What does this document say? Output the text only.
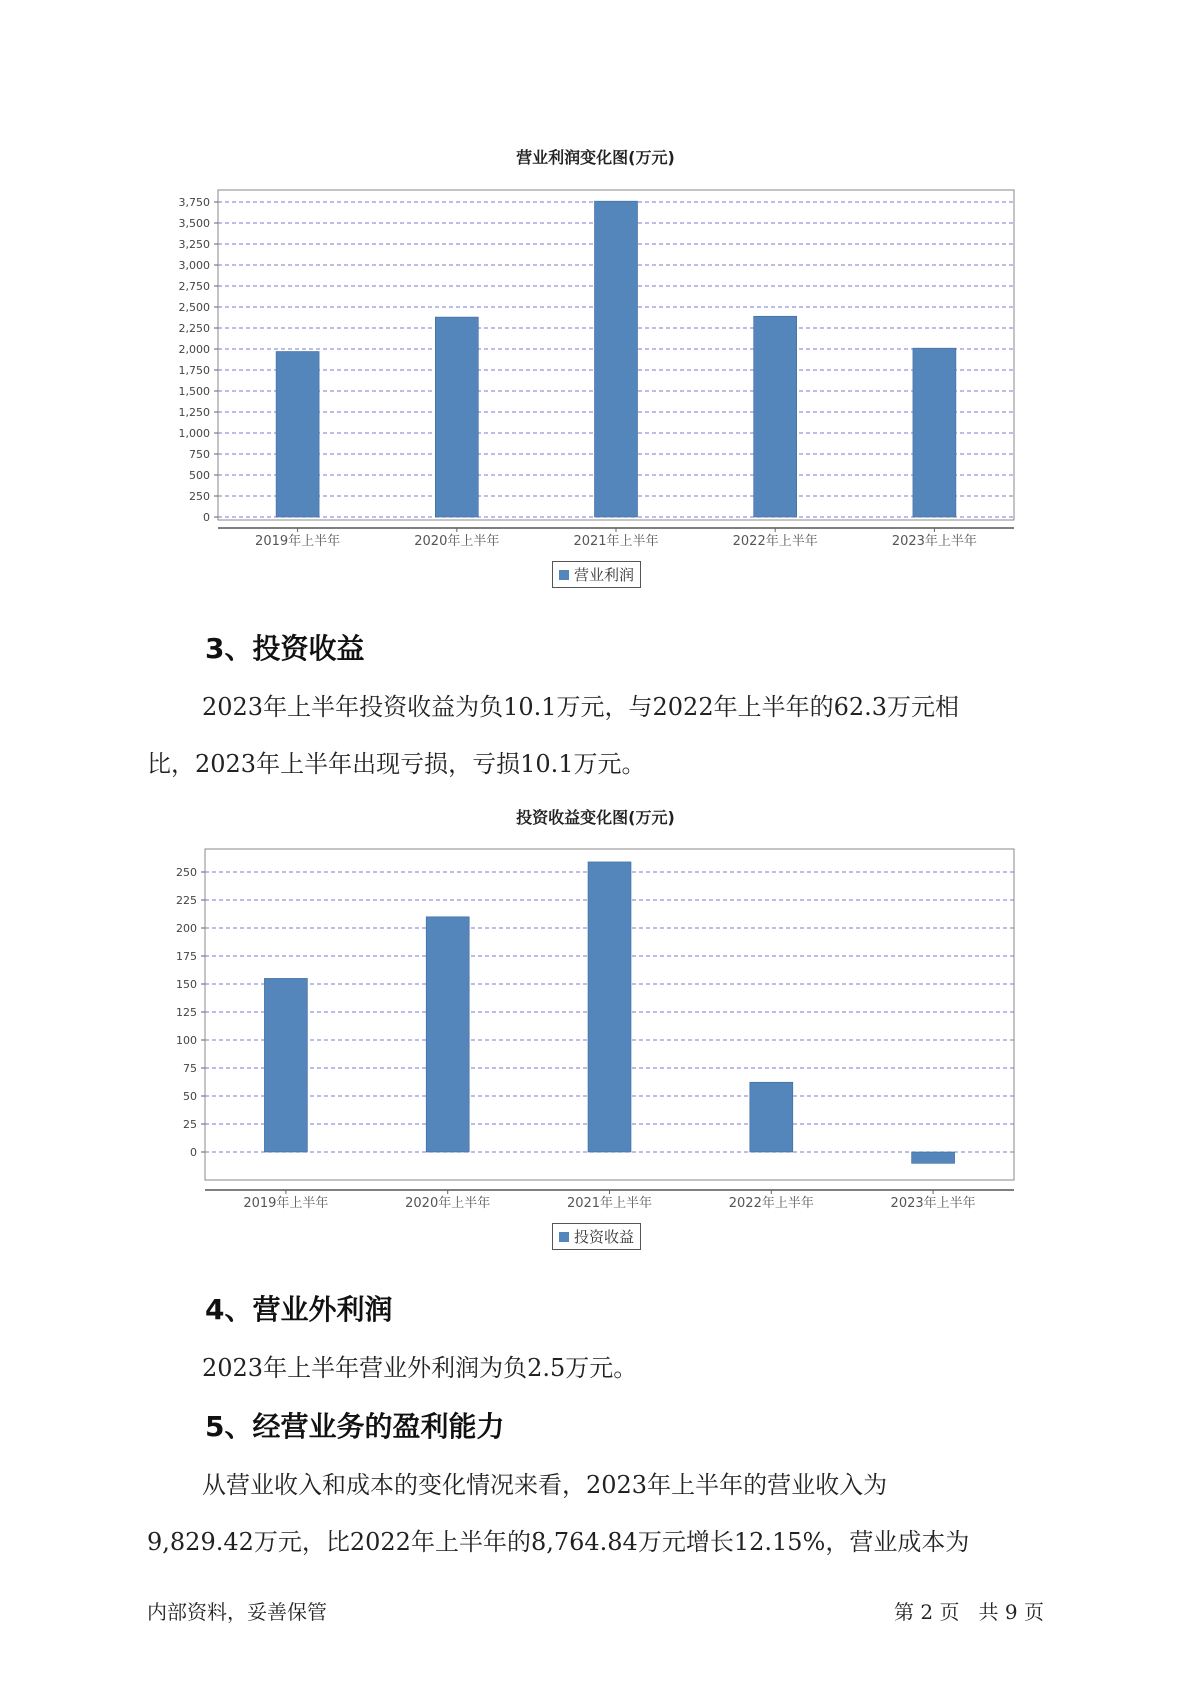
营业利润变化图(万元)
0
250
500
750
1,000
1,250
1,500
1,750
2,000
2,250
2,500
2,750
3,000
3,250
3,500
3,750
2019年上半年	2020年上半年	2021年上半年	2022年上半年	2023年上半年
营业利润
3、投资收益
2023年上半年投资收益为负10.1万元，与2022年上半年的62.3万元相
比，2023年上半年出现亏损，亏损10.1万元。
投资收益变化图(万元)
0
25
50
75
100
125
150
175
200
225
250
2019年上半年	2020年上半年	2021年上半年	2022年上半年	2023年上半年
投资收益
4、营业外利润
2023年上半年营业外利润为负2.5万元。
5、经营业务的盈利能力
从营业收入和成本的变化情况来看，2023年上半年的营业收入为
9,829.42万元，比2022年上半年的8,764.84万元增长12.15%，营业成本为
内部资料，妥善保管	第 2 页   共 9 页
